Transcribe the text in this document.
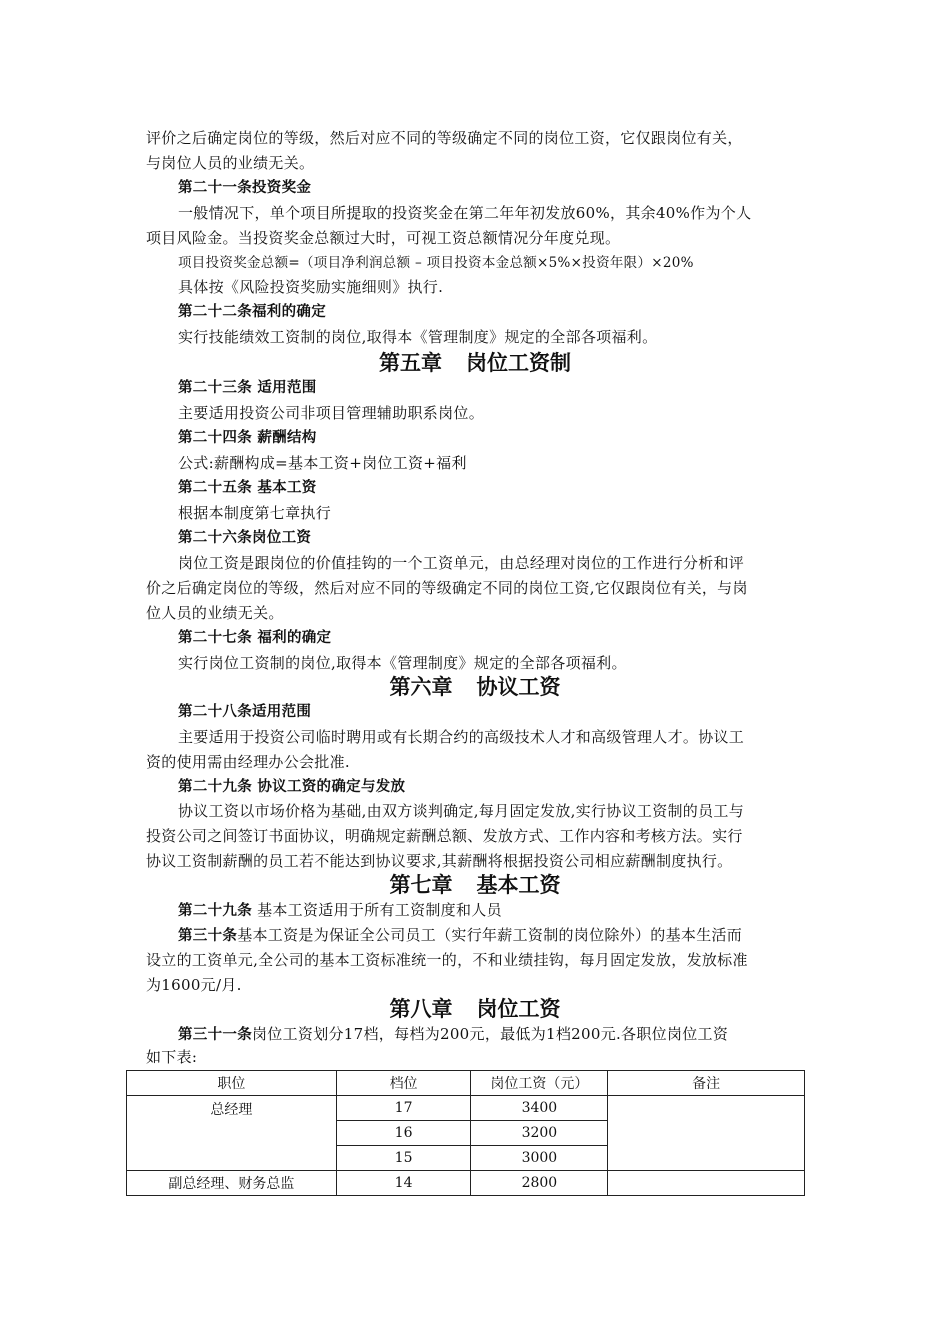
评价之后确定岗位的等级，然后对应不同的等级确定不同的岗位工资，它仅跟岗位有关，
与岗位人员的业绩无关。
第二十一条投资奖金
一般情况下，单个项目所提取的投资奖金在第二年年初发放60%，其余40%作为个人
项目风险金。当投资奖金总额过大时，可视工资总额情况分年度兑现。
项目投资奖金总额=（项目净利润总额 – 项目投资本金总额×5%×投资年限）×20%
具体按《风险投资奖励实施细则》执行.
第二十二条福利的确定
实行技能绩效工资制的岗位,取得本《管理制度》规定的全部各项福利。
第五章 岗位工资制
第二十三条 适用范围
主要适用投资公司非项目管理辅助职系岗位。
第二十四条 薪酬结构
公式:薪酬构成=基本工资+岗位工资+福利
第二十五条 基本工资
根据本制度第七章执行
第二十六条岗位工资
岗位工资是跟岗位的价值挂钩的一个工资单元，由总经理对岗位的工作进行分析和评
价之后确定岗位的等级，然后对应不同的等级确定不同的岗位工资,它仅跟岗位有关，与岗
位人员的业绩无关。
第二十七条 福利的确定
实行岗位工资制的岗位,取得本《管理制度》规定的全部各项福利。
第六章 协议工资
第二十八条适用范围
主要适用于投资公司临时聘用或有长期合约的高级技术人才和高级管理人才。协议工
资的使用需由经理办公会批准.
第二十九条 协议工资的确定与发放
协议工资以市场价格为基础,由双方谈判确定,每月固定发放,实行协议工资制的员工与
投资公司之间签订书面协议，明确规定薪酬总额、发放方式、工作内容和考核方法。实行
协议工资制薪酬的员工若不能达到协议要求,其薪酬将根据投资公司相应薪酬制度执行。
第七章 基本工资
第二十九条 基本工资适用于所有工资制度和人员
第三十条基本工资是为保证全公司员工（实行年薪工资制的岗位除外）的基本生活而
设立的工资单元,全公司的基本工资标准统一的，不和业绩挂钩，每月固定发放，发放标准
为1600元/月.
第八章 岗位工资
第三十一条岗位工资划分17档，每档为200元，最低为1档200元.各职位岗位工资
如下表:
职位	档位	岗位工资（元）	备注
总经理	17	3400	
	16	3200	
	15	3000	
副总经理、财务总监	14	2800	
